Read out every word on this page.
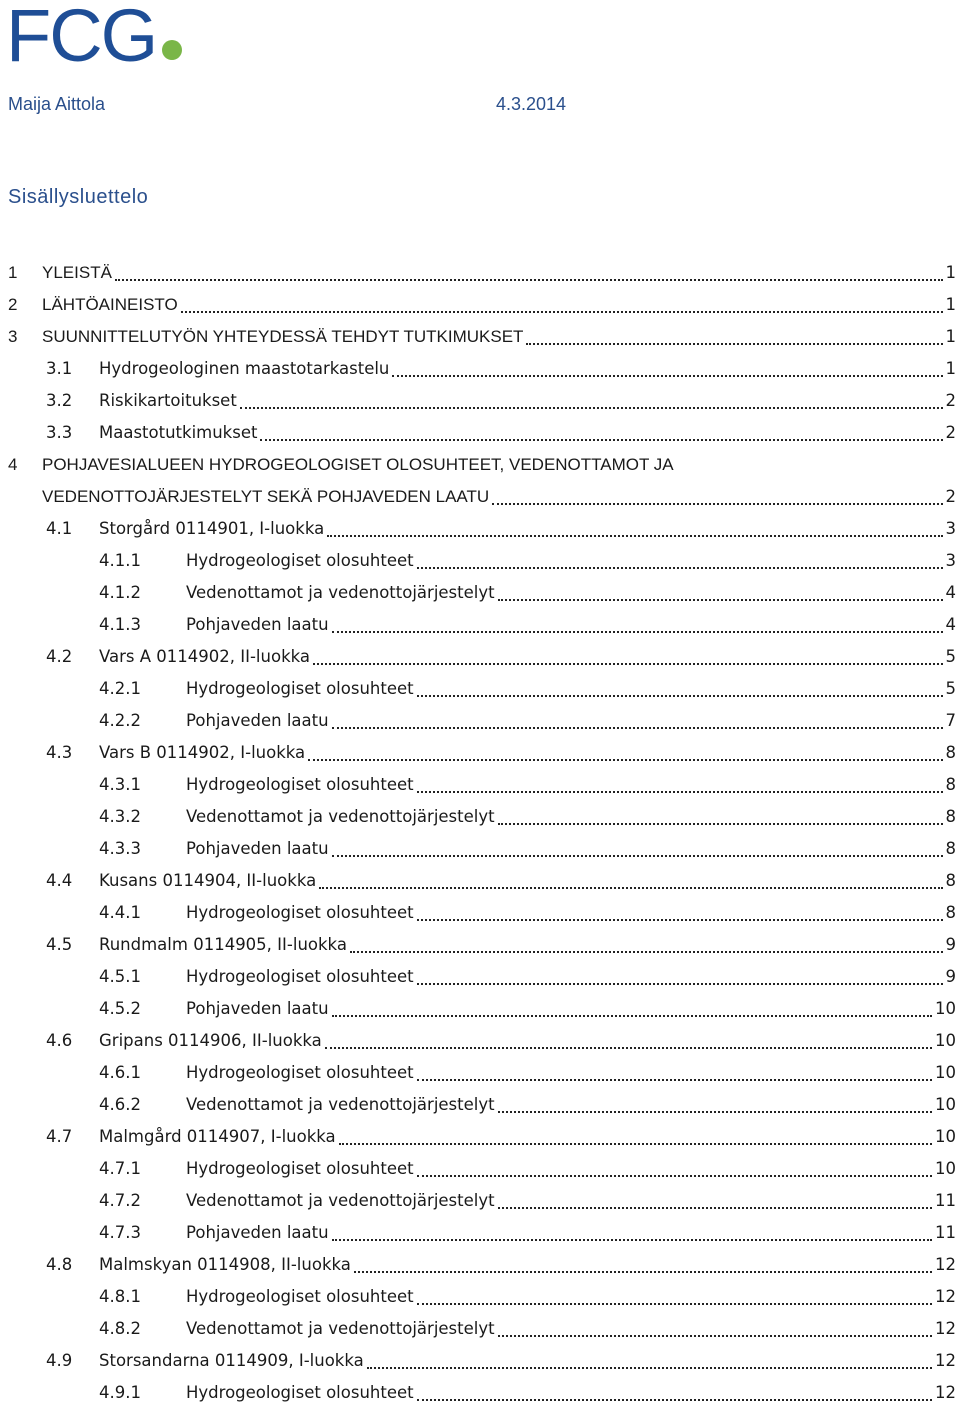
FCG
Maija Aittola	4.3.2014
Sisällysluettelo
1 YLEISTÄ	1
2 LÄHTÖAINEISTO	1
3 SUUNNITTELUTYÖN YHTEYDESSÄ TEHDYT TUTKIMUKSET	1
3.1 Hydrogeologinen maastotarkastelu	1
3.2 Riskikartoitukset	2
3.3 Maastotutkimukset	2
4 POHJAVESIALUEEN HYDROGEOLOGISET OLOSUHTEET, VEDENOTTAMOT JA
VEDENOTTOJÄRJESTELYT SEKÄ POHJAVEDEN LAATU	2
4.1 Storgård 0114901, I-luokka	3
4.1.1	Hydrogeologiset olosuhteet	3
4.1.2	Vedenottamot ja vedenottojärjestelyt	4
4.1.3	Pohjaveden laatu	4
4.2 Vars A 0114902, II-luokka	5
4.2.1	Hydrogeologiset olosuhteet	5
4.2.2	Pohjaveden laatu	7
4.3 Vars B 0114902, I-luokka	8
4.3.1	Hydrogeologiset olosuhteet	8
4.3.2	Vedenottamot ja vedenottojärjestelyt	8
4.3.3	Pohjaveden laatu	8
4.4 Kusans 0114904, II-luokka	8
4.4.1	Hydrogeologiset olosuhteet	8
4.5 Rundmalm 0114905, II-luokka	9
4.5.1	Hydrogeologiset olosuhteet	9
4.5.2	Pohjaveden laatu	10
4.6 Gripans 0114906, II-luokka	10
4.6.1	Hydrogeologiset olosuhteet	10
4.6.2	Vedenottamot ja vedenottojärjestelyt	10
4.7 Malmgård 0114907, I-luokka	10
4.7.1	Hydrogeologiset olosuhteet	10
4.7.2	Vedenottamot ja vedenottojärjestelyt	11
4.7.3	Pohjaveden laatu	11
4.8 Malmskyan 0114908, II-luokka	12
4.8.1	Hydrogeologiset olosuhteet	12
4.8.2	Vedenottamot ja vedenottojärjestelyt	12
4.9 Storsandarna 0114909, I-luokka	12
4.9.1	Hydrogeologiset olosuhteet	12
